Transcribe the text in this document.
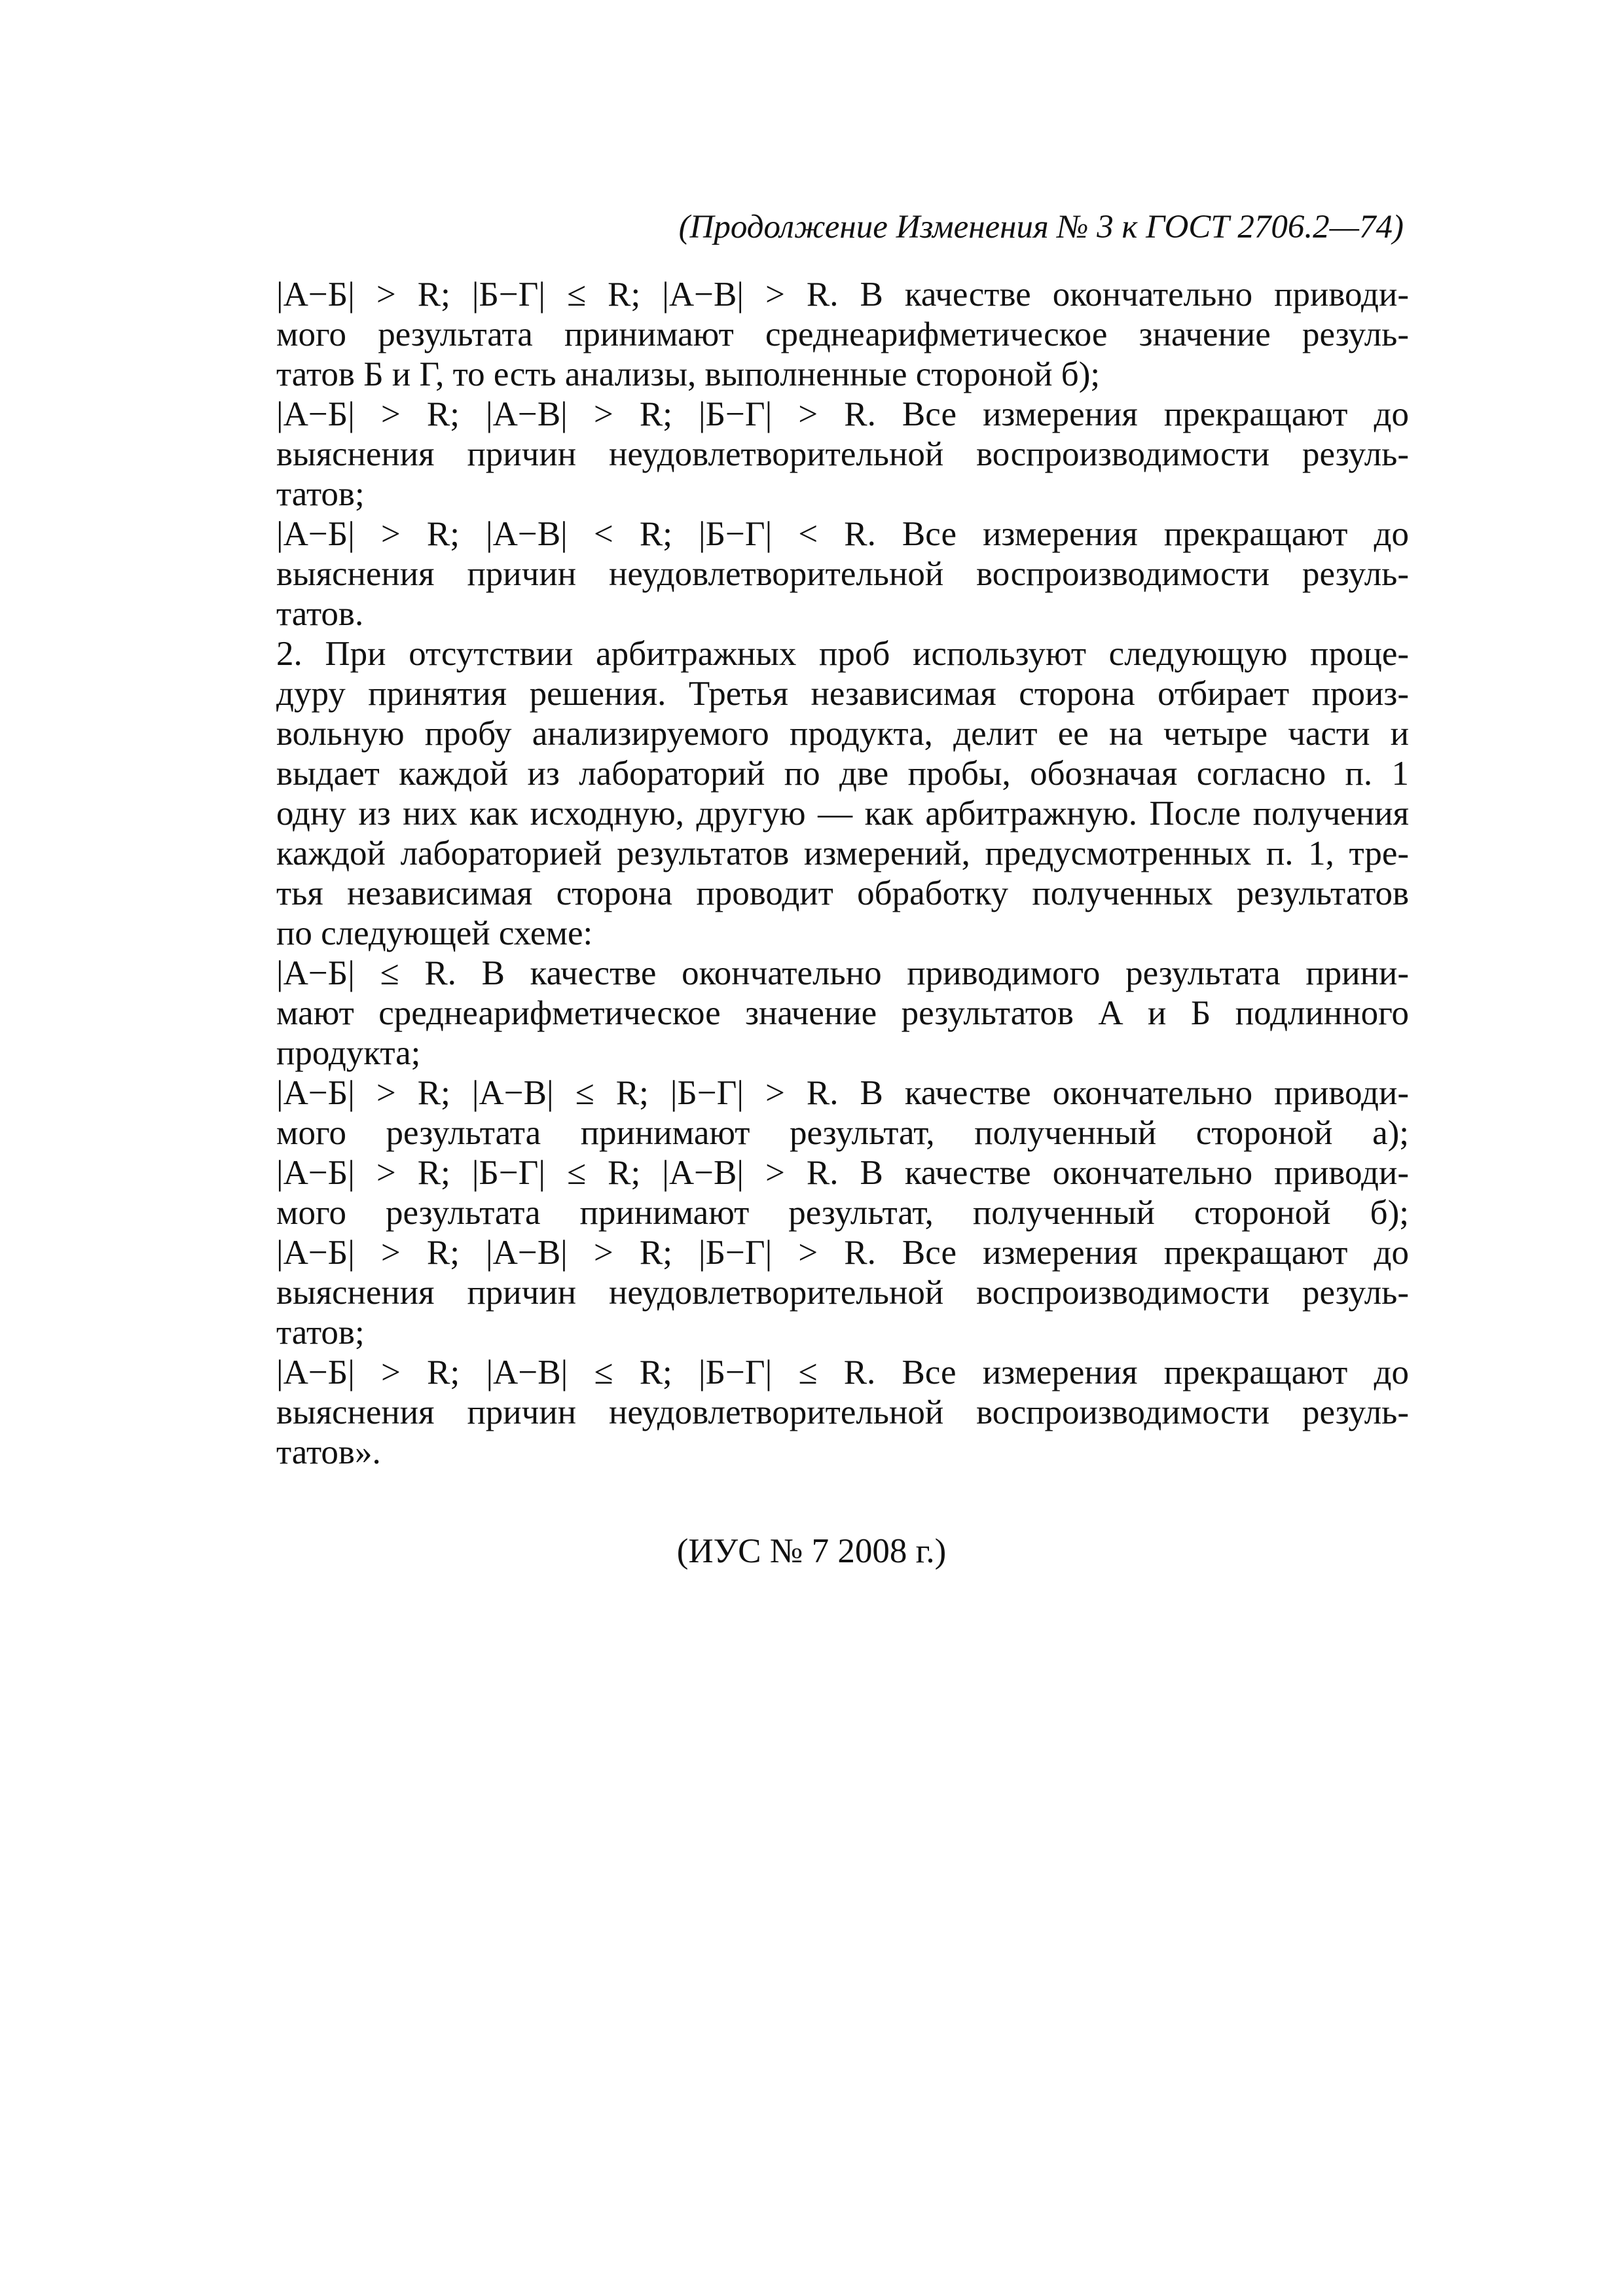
(Продолжение Изменения № 3 к ГОСТ 2706.2—74)
|А−Б| > R; |Б−Г| ≤ R; |А−В| > R. В качестве окончательно приводи-
мого результата принимают среднеарифметическое значение резуль-
татов Б и Г, то есть анализы, выполненные стороной б);
|А−Б| > R; |А−В| > R; |Б−Г| > R. Все измерения прекращают до
выяснения причин неудовлетворительной воспроизводимости резуль-
татов;
|А−Б| > R; |А−В| < R; |Б−Г| < R. Все измерения прекращают до
выяснения причин неудовлетворительной воспроизводимости резуль-
татов.
2. При отсутствии арбитражных проб используют следующую проце-
дуру принятия решения. Третья независимая сторона отбирает произ-
вольную пробу анализируемого продукта, делит ее на четыре части и
выдает каждой из лабораторий по две пробы, обозначая согласно п. 1
одну из них как исходную, другую — как арбитражную. После получения
каждой лабораторией результатов измерений, предусмотренных п. 1, тре-
тья независимая сторона проводит обработку полученных результатов
по следующей схеме:
|А−Б| ≤ R. В качестве окончательно приводимого результата прини-
мают среднеарифметическое значение результатов А и Б подлинного
продукта;
|А−Б| > R; |А−В| ≤ R; |Б−Г| > R. В качестве окончательно приводи-
мого результата принимают результат, полученный стороной а);
|А−Б| > R; |Б−Г| ≤ R; |А−В| > R. В качестве окончательно приводи-
мого результата принимают результат, полученный стороной б);
|А−Б| > R; |А−В| > R; |Б−Г| > R. Все измерения прекращают до
выяснения причин неудовлетворительной воспроизводимости резуль-
татов;
|А−Б| > R; |А−В| ≤ R; |Б−Г| ≤ R. Все измерения прекращают до
выяснения причин неудовлетворительной воспроизводимости резуль-
татов».
(ИУС № 7 2008 г.)
